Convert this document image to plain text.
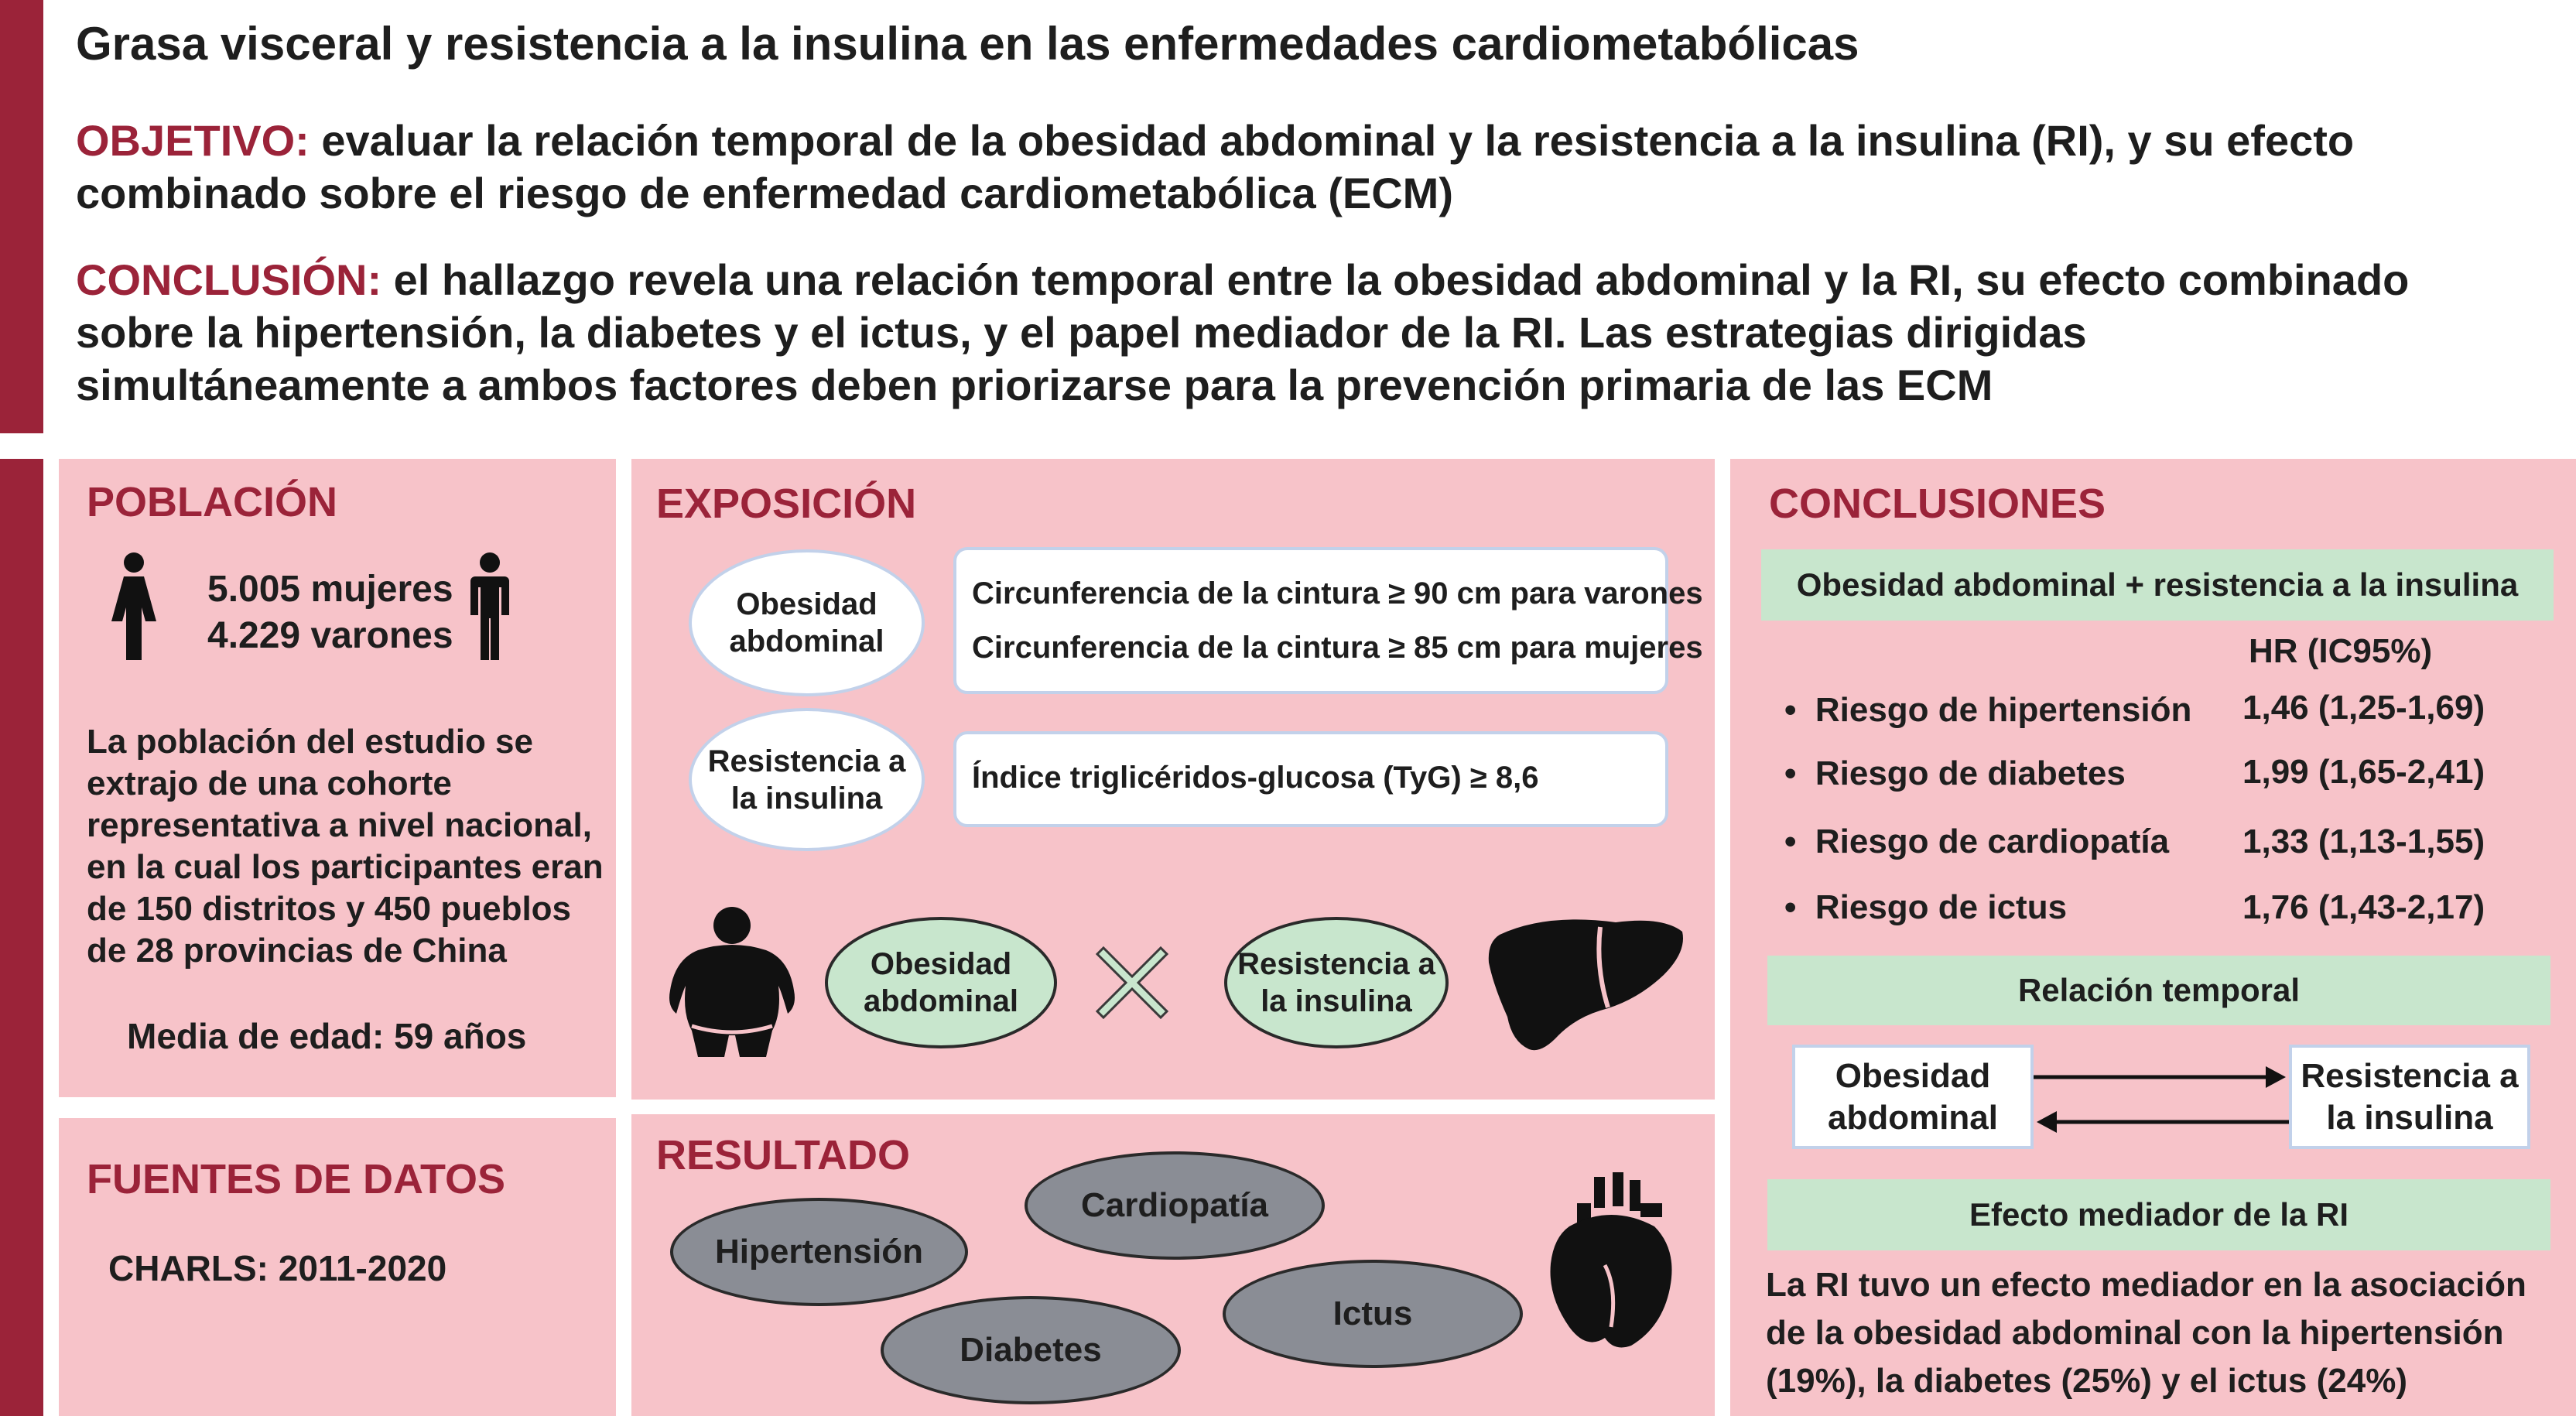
Grasa visceral y resistencia a la insulina en las enfermedades cardiometabólicas
OBJETIVO: evaluar la relación temporal de la obesidad abdominal y la resistencia a la insulina (RI), y su efecto
combinado sobre el riesgo de enfermedad cardiometabólica (ECM)
CONCLUSIÓN: el hallazgo revela una relación temporal entre la obesidad abdominal y la RI, su efecto combinado
sobre la hipertensión, la diabetes y el ictus, y el papel mediador de la RI. Las estrategias dirigidas
simultáneamente a ambos factores deben priorizarse para la prevención primaria de las ECM
POBLACIÓN
5.005 mujeres
4.229 varones
La población del estudio se
extrajo de una cohorte
representativa a nivel nacional,
en la cual los participantes eran
de 150 distritos y 450 pueblos
de 28 provincias de China
Media de edad: 59 años
FUENTES DE DATOS
CHARLS: 2011-2020
EXPOSICIÓN
Obesidad
abdominal
Circunferencia de la cintura ≥ 90 cm para varones
Circunferencia de la cintura ≥ 85 cm para mujeres
Resistencia a
la insulina
Índice triglicéridos-glucosa (TyG) ≥ 8,6
Obesidad
abdominal
Resistencia a
la insulina
RESULTADO
Hipertensión
Cardiopatía
Diabetes
Ictus
CONCLUSIONES
Obesidad abdominal + resistencia a la insulina
HR (IC95%)
•  Riesgo de hipertensión 1,46 (1,25-1,69)
•  Riesgo de diabetes	1,99 (1,65-2,41)
•  Riesgo de cardiopatía 1,33 (1,13-1,55)
•  Riesgo de ictus	1,76 (1,43-2,17)
Relación temporal
Obesidad
abdominal
Resistencia a
la insulina
Efecto mediador de la RI
La RI tuvo un efecto mediador en la asociación
de la obesidad abdominal con la hipertensión
(19%), la diabetes (25%) y el ictus (24%)
